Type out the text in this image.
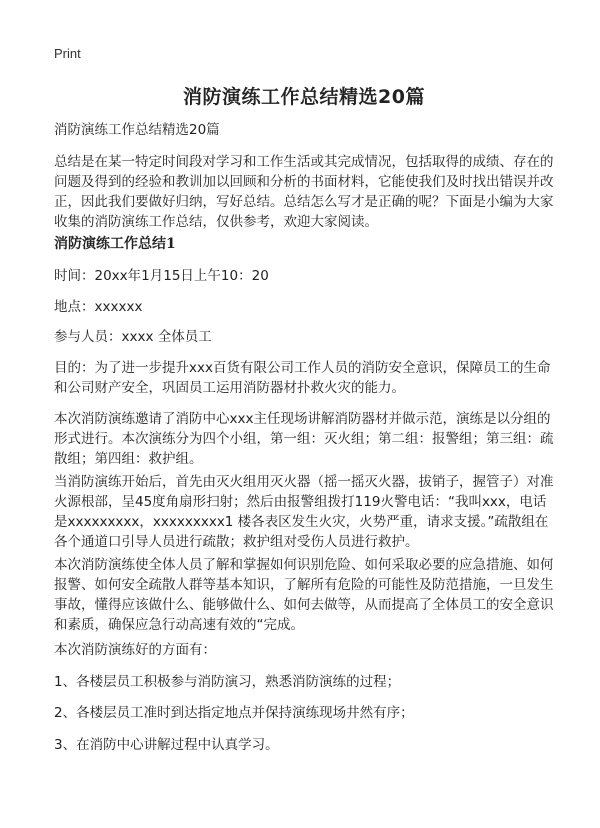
Print
消防演练工作总结精选20篇

消防演练工作总结精选20篇

总结是在某一特定时间段对学习和工作生活或其完成情况，包括取得的成绩、存在的问题及得到的经验和教训加以回顾和分析的书面材料，它能使我们及时找出错误并改正，因此我们要做好归纳，写好总结。总结怎么写才是正确的呢？下面是小编为大家收集的消防演练工作总结，仅供参考，欢迎大家阅读。

消防演练工作总结1

时间：20xx年1月15日上午10：20

地点：xxxxxx

参与人员：xxxx 全体员工

目的：为了进一步提升xxx百货有限公司工作人员的消防安全意识，保障员工的生命和公司财产安全，巩固员工运用消防器材扑救火灾的能力。

本次消防演练邀请了消防中心xxx主任现场讲解消防器材并做示范，演练是以分组的形式进行。本次演练分为四个小组，第一组：灭火组；第二组：报警组；第三组：疏散组；第四组：救护组。

当消防演练开始后，首先由灭火组用灭火器（摇一摇灭火器，拔销子，握管子）对准火源根部，呈45度角扇形扫射；然后由报警组拨打119火警电话：“我叫xxx，电话是xxxxxxxxx，xxxxxxxxx1 楼各表区发生火灾，火势严重，请求支援。”疏散组在各个通道口引导人员进行疏散；救护组对受伤人员进行救护。

本次消防演练使全体人员了解和掌握如何识别危险、如何采取必要的应急措施、如何报警、如何安全疏散人群等基本知识，了解所有危险的可能性及防范措施，一旦发生事故，懂得应该做什么、能够做什么、如何去做等，从而提高了全体员工的安全意识和素质，确保应急行动高速有效的“完成。

本次消防演练好的方面有：

1、各楼层员工积极参与消防演习，熟悉消防演练的过程；

2、各楼层员工准时到达指定地点并保持演练现场井然有序；

3、在消防中心讲解过程中认真学习。
